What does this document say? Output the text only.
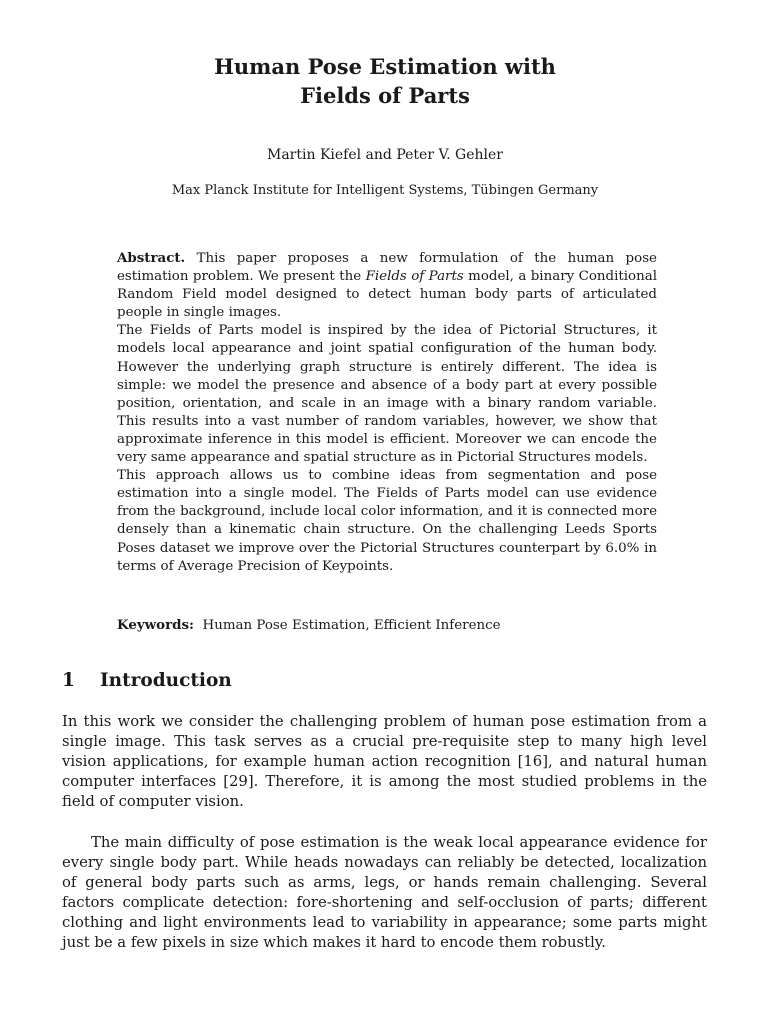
Human Pose Estimation with
Fields of Parts
Martin Kiefel and Peter V. Gehler
Max Planck Institute for Intelligent Systems, Tübingen Germany

Abstract. This paper proposes a new formulation of the human pose estimation problem. We present the Fields of Parts model, a binary Conditional Random Field model designed to detect human body parts of articulated people in single images.

The Fields of Parts model is inspired by the idea of Pictorial Structures, it models local appearance and joint spatial configuration of the human body. However the underlying graph structure is entirely different. The idea is simple: we model the presence and absence of a body part at every possible position, orientation, and scale in an image with a binary random variable. This results into a vast number of random variables, however, we show that approximate inference in this model is efficient. Moreover we can encode the very same appearance and spatial structure as in Pictorial Structures models.

This approach allows us to combine ideas from segmentation and pose estimation into a single model. The Fields of Parts model can use evidence from the background, include local color information, and it is connected more densely than a kinematic chain structure. On the challenging Leeds Sports Poses dataset we improve over the Pictorial Structures counterpart by 6.0% in terms of Average Precision of Keypoints.

Keywords: Human Pose Estimation, Efficient Inference
1 Introduction

In this work we consider the challenging problem of human pose estimation from a single image. This task serves as a crucial pre-requisite step to many high level vision applications, for example human action recognition [16], and natural human computer interfaces [29]. Therefore, it is among the most studied problems in the field of computer vision.

The main difficulty of pose estimation is the weak local appearance evidence for every single body part. While heads nowadays can reliably be detected, localization of general body parts such as arms, legs, or hands remain challenging. Several factors complicate detection: fore-shortening and self-occlusion of parts; different clothing and light environments lead to variability in appearance; some parts might just be a few pixels in size which makes it hard to encode them robustly.
